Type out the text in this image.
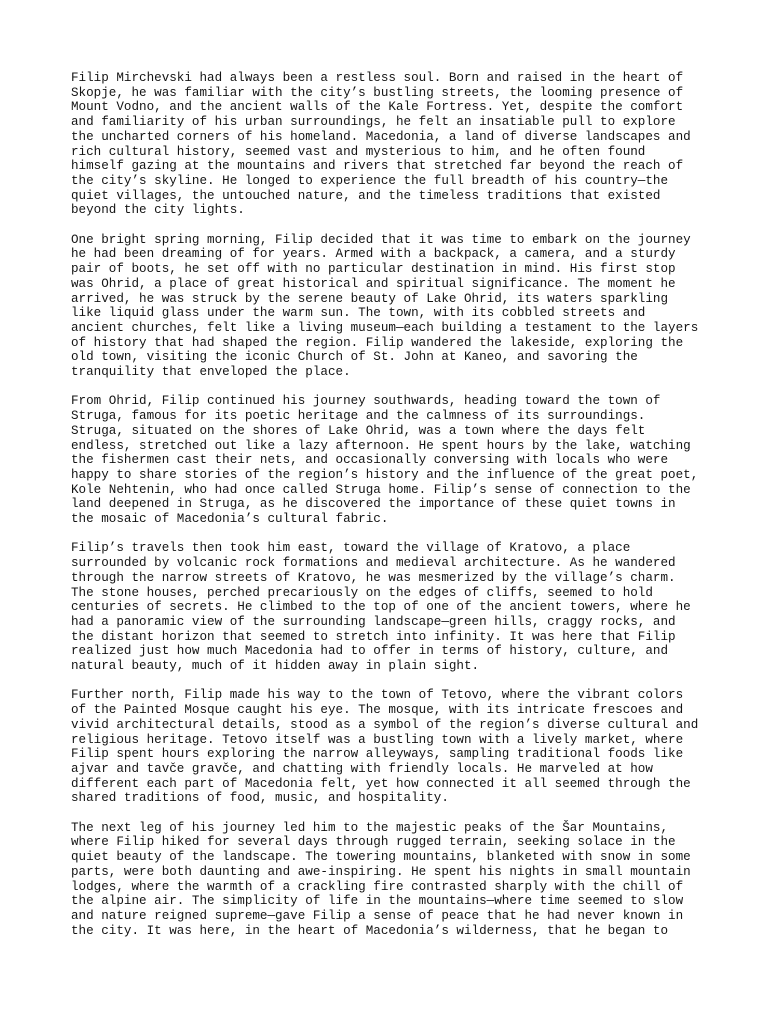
Filip Mirchevski had always been a restless soul. Born and raised in the heart of
Skopje, he was familiar with the city’s bustling streets, the looming presence of
Mount Vodno, and the ancient walls of the Kale Fortress. Yet, despite the comfort
and familiarity of his urban surroundings, he felt an insatiable pull to explore
the uncharted corners of his homeland. Macedonia, a land of diverse landscapes and
rich cultural history, seemed vast and mysterious to him, and he often found
himself gazing at the mountains and rivers that stretched far beyond the reach of
the city’s skyline. He longed to experience the full breadth of his country—the
quiet villages, the untouched nature, and the timeless traditions that existed
beyond the city lights.
One bright spring morning, Filip decided that it was time to embark on the journey
he had been dreaming of for years. Armed with a backpack, a camera, and a sturdy
pair of boots, he set off with no particular destination in mind. His first stop
was Ohrid, a place of great historical and spiritual significance. The moment he
arrived, he was struck by the serene beauty of Lake Ohrid, its waters sparkling
like liquid glass under the warm sun. The town, with its cobbled streets and
ancient churches, felt like a living museum—each building a testament to the layers
of history that had shaped the region. Filip wandered the lakeside, exploring the
old town, visiting the iconic Church of St. John at Kaneo, and savoring the
tranquility that enveloped the place.
From Ohrid, Filip continued his journey southwards, heading toward the town of
Struga, famous for its poetic heritage and the calmness of its surroundings.
Struga, situated on the shores of Lake Ohrid, was a town where the days felt
endless, stretched out like a lazy afternoon. He spent hours by the lake, watching
the fishermen cast their nets, and occasionally conversing with locals who were
happy to share stories of the region’s history and the influence of the great poet,
Kole Nehtenin, who had once called Struga home. Filip’s sense of connection to the
land deepened in Struga, as he discovered the importance of these quiet towns in
the mosaic of Macedonia’s cultural fabric.
Filip’s travels then took him east, toward the village of Kratovo, a place
surrounded by volcanic rock formations and medieval architecture. As he wandered
through the narrow streets of Kratovo, he was mesmerized by the village’s charm.
The stone houses, perched precariously on the edges of cliffs, seemed to hold
centuries of secrets. He climbed to the top of one of the ancient towers, where he
had a panoramic view of the surrounding landscape—green hills, craggy rocks, and
the distant horizon that seemed to stretch into infinity. It was here that Filip
realized just how much Macedonia had to offer in terms of history, culture, and
natural beauty, much of it hidden away in plain sight.
Further north, Filip made his way to the town of Tetovo, where the vibrant colors
of the Painted Mosque caught his eye. The mosque, with its intricate frescoes and
vivid architectural details, stood as a symbol of the region’s diverse cultural and
religious heritage. Tetovo itself was a bustling town with a lively market, where
Filip spent hours exploring the narrow alleyways, sampling traditional foods like
ajvar and tavče gravče, and chatting with friendly locals. He marveled at how
different each part of Macedonia felt, yet how connected it all seemed through the
shared traditions of food, music, and hospitality.
The next leg of his journey led him to the majestic peaks of the Šar Mountains,
where Filip hiked for several days through rugged terrain, seeking solace in the
quiet beauty of the landscape. The towering mountains, blanketed with snow in some
parts, were both daunting and awe-inspiring. He spent his nights in small mountain
lodges, where the warmth of a crackling fire contrasted sharply with the chill of
the alpine air. The simplicity of life in the mountains—where time seemed to slow
and nature reigned supreme—gave Filip a sense of peace that he had never known in
the city. It was here, in the heart of Macedonia’s wilderness, that he began to
